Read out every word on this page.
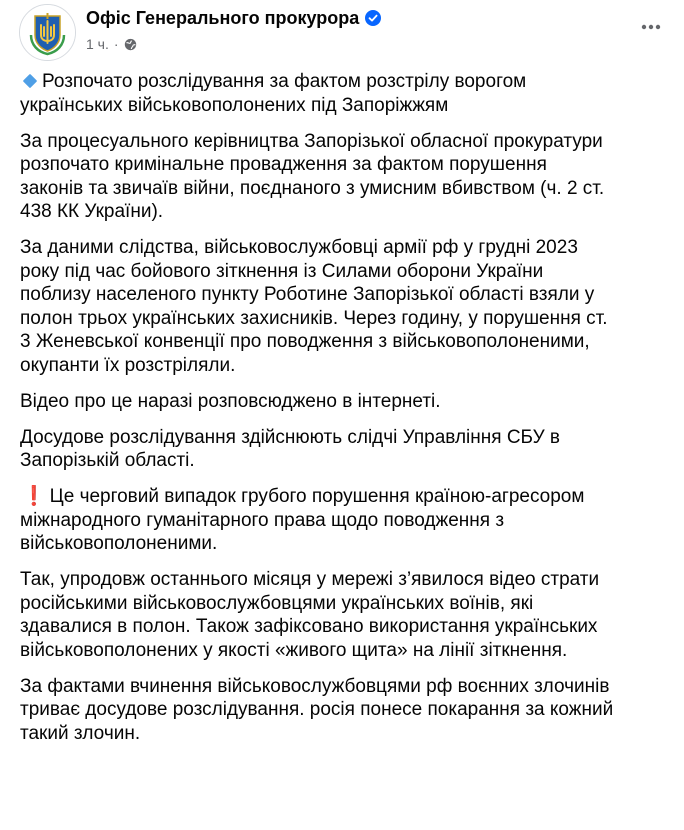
Офіс Генерального прокурора
1 ч. ·

Розпочато розслідування за фактом розстрілу ворогом
українських військовополонених під Запоріжжям

За процесуального керівництва Запорізької обласної прокуратури
розпочато кримінальне провадження за фактом порушення
законів та звичаїв війни, поєднаного з умисним вбивством (ч. 2 ст.
438 КК України).

За даними слідства, військовослужбовці армії рф у грудні 2023
року під час бойового зіткнення із Силами оборони України
поблизу населеного пункту Роботине Запорізької області взяли у
полон трьох українських захисників. Через годину, у порушення ст.
3 Женевської конвенції про поводження з військовополоненими,
окупанти їх розстріляли.

Відео про це наразі розповсюджено в інтернеті.

Досудове розслідування здійснюють слідчі Управління СБУ в
Запорізькій області.

❗ Це черговий випадок грубого порушення країною-агресором
міжнародного гуманітарного права щодо поводження з
військовополоненими.

Так, упродовж останнього місяця у мережі з’явилося відео страти
російськими військовослужбовцями українських воїнів, які
здавалися в полон. Також зафіксовано використання українських
військовополонених у якості «живого щита» на лінії зіткнення.

За фактами вчинення військовослужбовцями рф воєнних злочинів
триває досудове розслідування. росія понесе покарання за кожний
такий злочин.
